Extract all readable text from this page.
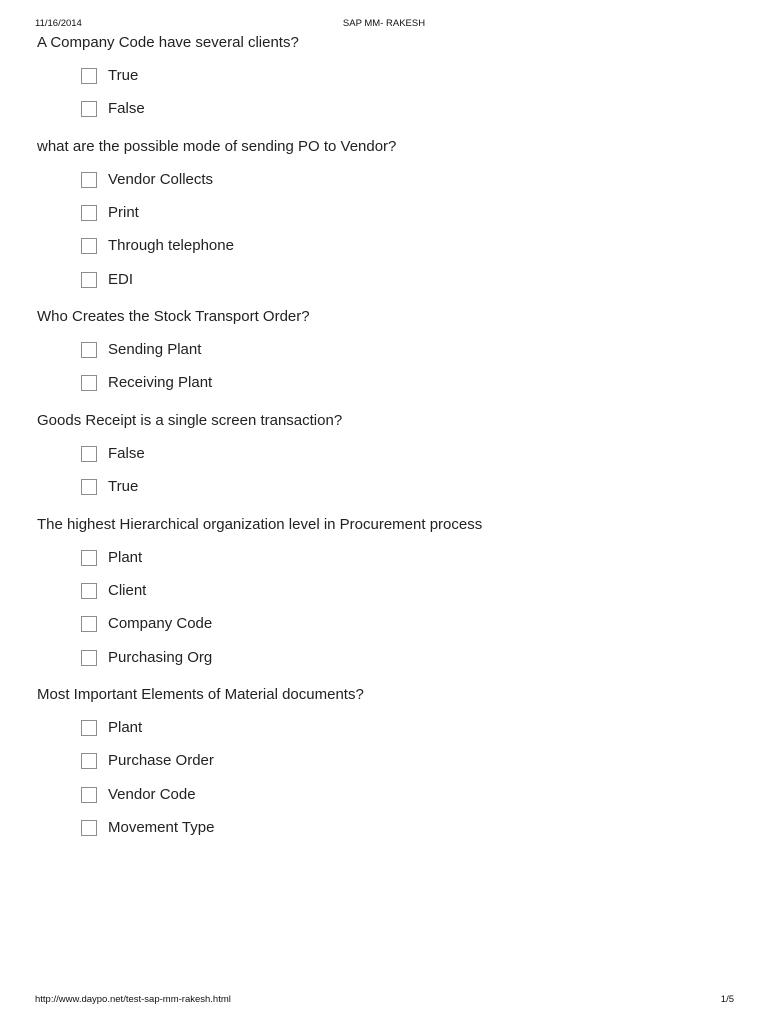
11/16/2014	SAP MM- RAKESH
A Company Code have several clients?
True
False
what are the possible mode of sending PO to Vendor?
Vendor Collects
Print
Through telephone
EDI
Who Creates the Stock Transport Order?
Sending Plant
Receiving Plant
Goods Receipt is a single screen transaction?
False
True
The highest Hierarchical organization level in Procurement process
Plant
Client
Company Code
Purchasing Org
Most Important Elements of Material documents?
Plant
Purchase Order
Vendor Code
Movement Type
http://www.daypo.net/test-sap-mm-rakesh.html	1/5
